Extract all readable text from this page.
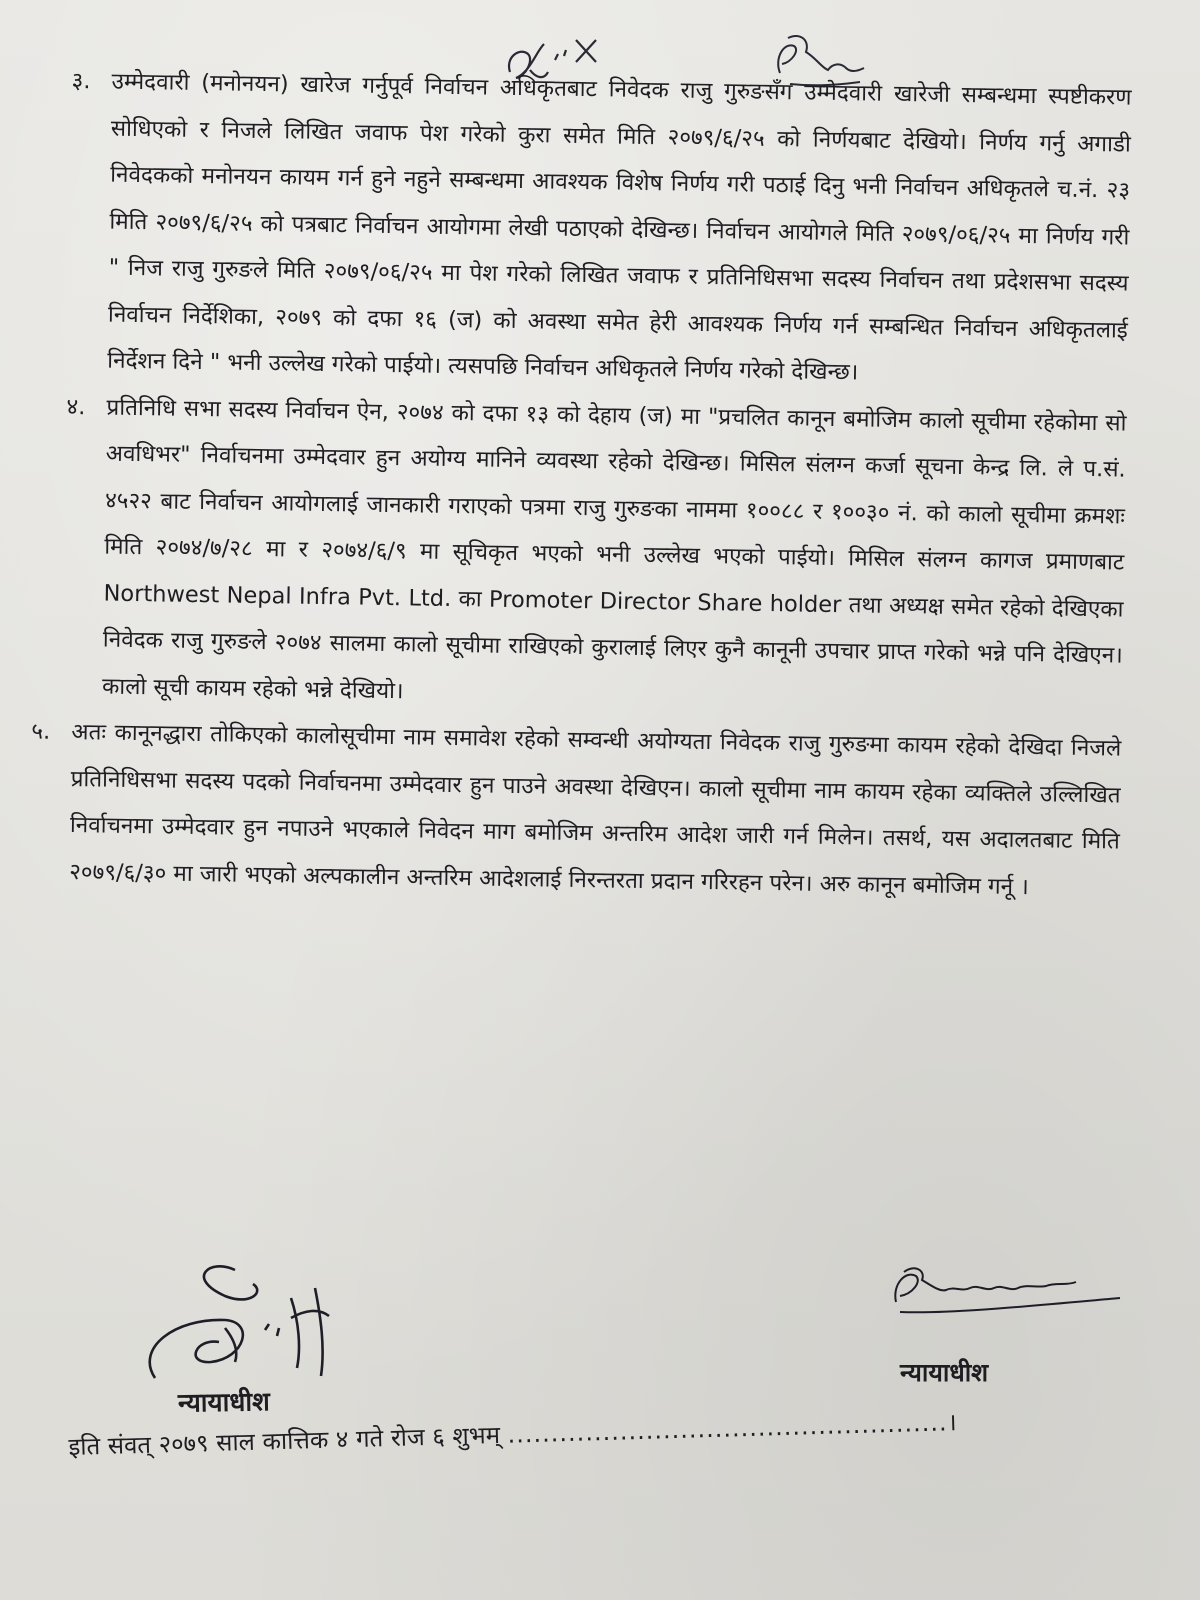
३. उम्मेदवारी (मनोनयन) खारेज गर्नुपूर्व निर्वाचन अधिकृतबाट निवेदक राजु गुरुङसँग उम्मेदवारी खारेजी सम्बन्धमा स्पष्टीकरण सोधिएको र निजले लिखित जवाफ पेश गरेको कुरा समेत मिति २०७९/६/२५ को निर्णयबाट देखियो। निर्णय गर्नु अगाडी निवेदकको मनोनयन कायम गर्न हुने नहुने सम्बन्धमा आवश्यक विशेष निर्णय गरी पठाई दिनु भनी निर्वाचन अधिकृतले च.नं. २३ मिति २०७९/६/२५ को पत्रबाट निर्वाचन आयोगमा लेखी पठाएको देखिन्छ। निर्वाचन आयोगले मिति २०७९/०६/२५ मा निर्णय गरी " निज राजु गुरुङले मिति २०७९/०६/२५ मा पेश गरेको लिखित जवाफ र प्रतिनिधिसभा सदस्य निर्वाचन तथा प्रदेशसभा सदस्य निर्वाचन निर्देशिका, २०७९ को दफा १६ (ज) को अवस्था समेत हेरी आवश्यक निर्णय गर्न सम्बन्धित निर्वाचन अधिकृतलाई निर्देशन दिने " भनी उल्लेख गरेको पाईयो। त्यसपछि निर्वाचन अधिकृतले निर्णय गरेको देखिन्छ।

४. प्रतिनिधि सभा सदस्य निर्वाचन ऐन, २०७४ को दफा १३ को देहाय (ज) मा "प्रचलित कानून बमोजिम कालो सूचीमा रहेकोमा सो अवधिभर" निर्वाचनमा उम्मेदवार हुन अयोग्य मानिने व्यवस्था रहेको देखिन्छ। मिसिल संलग्न कर्जा सूचना केन्द्र लि. ले प.सं. ४५२२ बाट निर्वाचन आयोगलाई जानकारी गराएको पत्रमा राजु गुरुङका नाममा १००८८ र १००३० नं. को कालो सूचीमा क्रमशः मिति २०७४/७/२८ मा र २०७४/६/९ मा सूचिकृत भएको भनी उल्लेख भएको पाईयो। मिसिल संलग्न कागज प्रमाणबाट Northwest Nepal Infra Pvt. Ltd. का Promoter Director Share holder तथा अध्यक्ष समेत रहेको देखिएका निवेदक राजु गुरुङले २०७४ सालमा कालो सूचीमा राखिएको कुरालाई लिएर कुनै कानूनी उपचार प्राप्त गरेको भन्ने पनि देखिएन। कालो सूची कायम रहेको भन्ने देखियो।

५. अतः कानूनद्धारा तोकिएको कालोसूचीमा नाम समावेश रहेको सम्वन्धी अयोग्यता निवेदक राजु गुरुङमा कायम रहेको देखिदा निजले प्रतिनिधिसभा सदस्य पदको निर्वाचनमा उम्मेदवार हुन पाउने अवस्था देखिएन। कालो सूचीमा नाम कायम रहेका व्यक्तिले उल्लिखित निर्वाचनमा उम्मेदवार हुन नपाउने भएकाले निवेदन माग बमोजिम अन्तरिम आदेश जारी गर्न मिलेन। तसर्थ, यस अदालतबाट मिति २०७९/६/३० मा जारी भएको अल्पकालीन अन्तरिम आदेशलाई निरन्तरता प्रदान गरिरहन परेन। अरु कानून बमोजिम गर्नू ।

न्यायाधीश
न्यायाधीश
इति संवत् २०७९ साल कात्तिक ४ गते रोज ६ शुभम् ...................................................।
